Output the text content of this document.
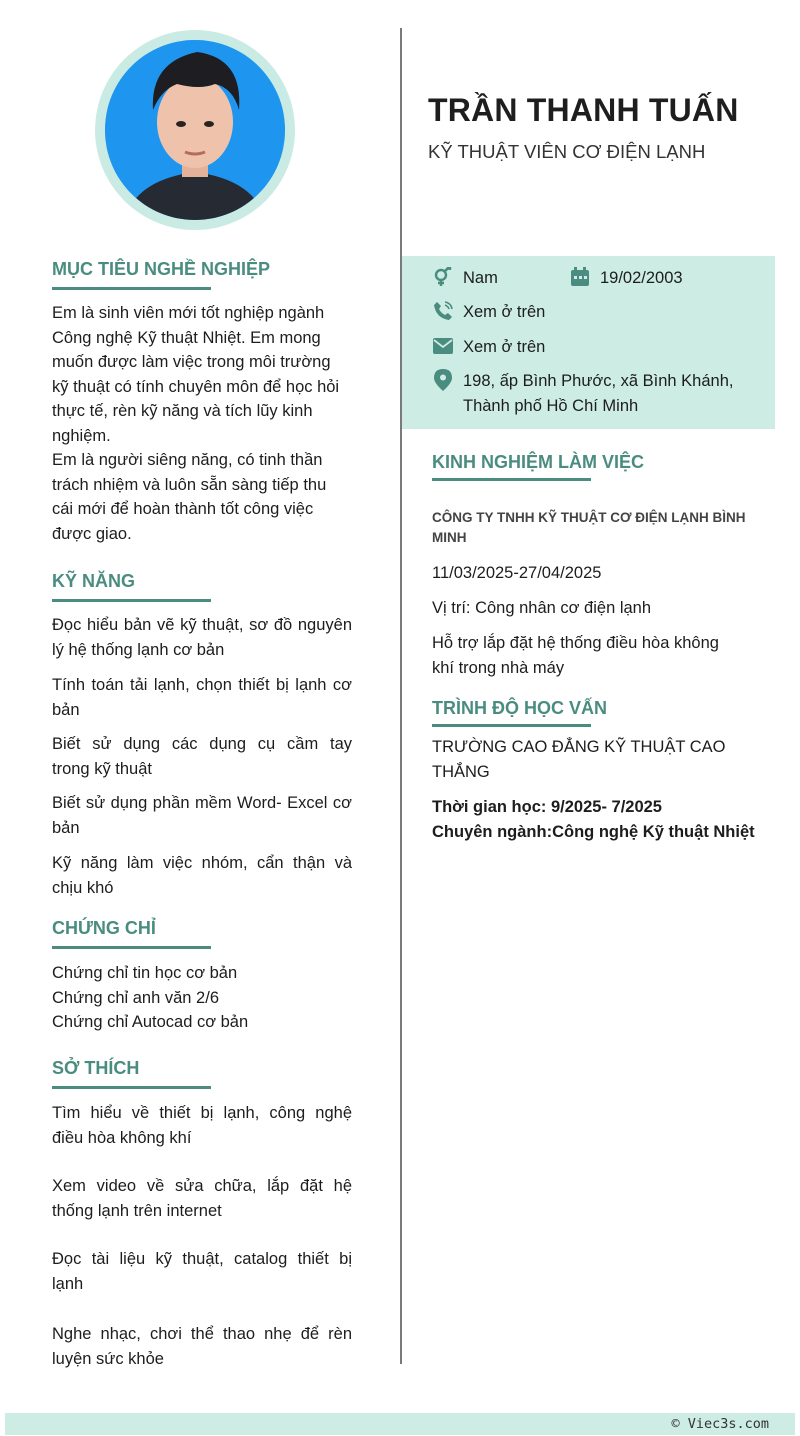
TRẦN THANH TUẤN
KỸ THUẬT VIÊN CƠ ĐIỆN LẠNH
Nam	19/02/2003
Xem ở trên
Xem ở trên
198, ấp Bình Phước, xã Bình Khánh,
Thành phố Hồ Chí Minh
MỤC TIÊU NGHỀ NGHIỆP
Em là sinh viên mới tốt nghiệp ngành
Công nghệ Kỹ thuật Nhiệt. Em mong
muốn được làm việc trong môi trường
kỹ thuật có tính chuyên môn để học hỏi
thực tế, rèn kỹ năng và tích lũy kinh
nghiệm.
Em là người siêng năng, có tinh thần
trách nhiệm và luôn sẵn sàng tiếp thu
cái mới để hoàn thành tốt công việc
được giao.
KỸ NĂNG
Đọc hiểu bản vẽ kỹ thuật, sơ đồ nguyên
lý hệ thống lạnh cơ bản
Tính toán tải lạnh, chọn thiết bị lạnh cơ
bản
Biết sử dụng các dụng cụ cầm tay
trong kỹ thuật
Biết sử dụng phần mềm Word- Excel cơ
bản
Kỹ năng làm việc nhóm, cẩn thận và
chịu khó
CHỨNG CHỈ
Chứng chỉ tin học cơ bản
Chứng chỉ anh văn 2/6
Chứng chỉ Autocad cơ bản
SỞ THÍCH
Tìm hiểu về thiết bị lạnh, công nghệ
điều hòa không khí
Xem video về sửa chữa, lắp đặt hệ
thống lạnh trên internet
Đọc tài liệu kỹ thuật, catalog thiết bị
lạnh
Nghe nhạc, chơi thể thao nhẹ để rèn
luyện sức khỏe
KINH NGHIỆM LÀM VIỆC
CÔNG TY TNHH KỸ THUẬT CƠ ĐIỆN LẠNH BÌNH
MINH
11/03/2025-27/04/2025
Vị trí: Công nhân cơ điện lạnh
Hỗ trợ lắp đặt hệ thống điều hòa không
khí trong nhà máy
TRÌNH ĐỘ HỌC VẤN
TRƯỜNG CAO ĐẲNG KỸ THUẬT CAO
THẮNG
Thời gian học: 9/2025- 7/2025
Chuyên ngành:Công nghệ Kỹ thuật Nhiệt
© Viec3s.com
